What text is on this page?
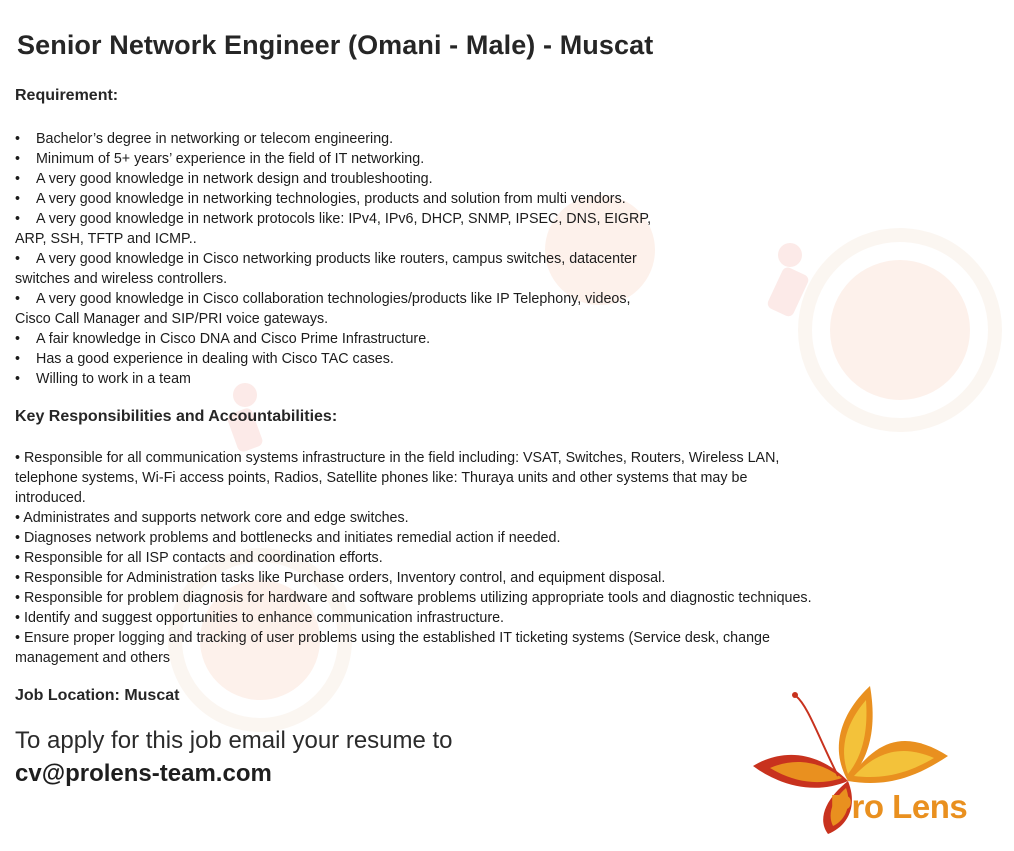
Senior Network Engineer (Omani - Male) - Muscat
Requirement:
• Bachelor’s degree in networking or telecom engineering.
• Minimum of 5+ years’ experience in the field of IT networking.
• A very good knowledge in network design and troubleshooting.
• A very good knowledge in networking technologies, products and solution from multi vendors.
• A very good knowledge in network protocols like: IPv4, IPv6, DHCP, SNMP, IPSEC, DNS, EIGRP,
ARP, SSH, TFTP and ICMP..
• A very good knowledge in Cisco networking products like routers, campus switches, datacenter
switches and wireless controllers.
• A very good knowledge in Cisco collaboration technologies/products like IP Telephony, videos,
Cisco Call Manager and SIP/PRI voice gateways.
• A fair knowledge in Cisco DNA and Cisco Prime Infrastructure.
• Has a good experience in dealing with Cisco TAC cases.
• Willing to work in a team
Key Responsibilities and Accountabilities:
• Responsible for all communication systems infrastructure in the field including: VSAT, Switches, Routers, Wireless LAN,
telephone systems, Wi-Fi access points, Radios, Satellite phones like: Thuraya units and other systems that may be
introduced.
• Administrates and supports network core and edge switches.
• Diagnoses network problems and bottlenecks and initiates remedial action if needed.
• Responsible for all ISP contacts and coordination efforts.
• Responsible for Administration tasks like Purchase orders, Inventory control, and equipment disposal.
• Responsible for problem diagnosis for hardware and software problems utilizing appropriate tools and diagnostic techniques.
• Identify and suggest opportunities to enhance communication infrastructure.
• Ensure proper logging and tracking of user problems using the established IT ticketing systems (Service desk, change
management and others
Job Location: Muscat
To apply for this job email your resume to
cv@prolens-team.com
Pro Lens
